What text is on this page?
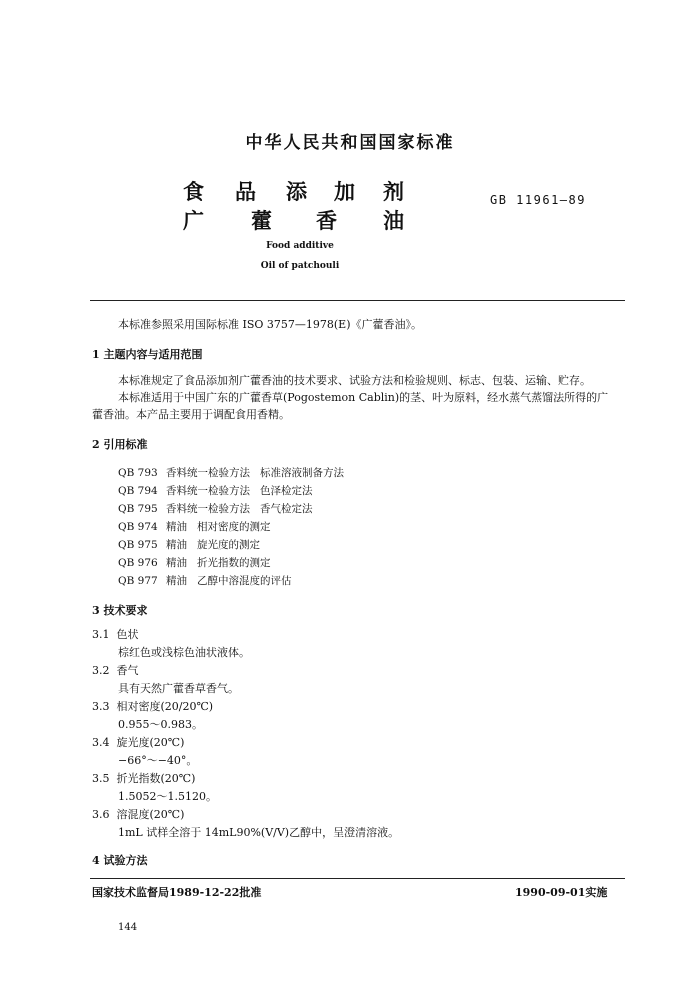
中华人民共和国国家标准
食 品 添 加 剂
广 藿 香 油
GB 11961—89
Food additive
Oil of patchouli
本标准参照采用国际标准 ISO 3757—1978(E)《广藿香油》。
1 主题内容与适用范围
本标准规定了食品添加剂广藿香油的技术要求、试验方法和检验规则、标志、包装、运输、贮存。
本标准适用于中国广东的广藿香草(Pogostemon Cablin)的茎、叶为原料，经水蒸气蒸馏法所得的广
藿香油。本产品主要用于调配食用香精。
2 引用标准
QB 793 香料统一检验方法 标准溶液制备方法
QB 794 香料统一检验方法 色泽检定法
QB 795 香料统一检验方法 香气检定法
QB 974 精油 相对密度的测定
QB 975 精油 旋光度的测定
QB 976 精油 折光指数的测定
QB 977 精油 乙醇中溶混度的评估
3 技术要求
3.1 色状
棕红色或浅棕色油状液体。
3.2 香气
具有天然广藿香草香气。
3.3 相对密度(20/20℃)
0.955～0.983。
3.4 旋光度(20℃)
−66°～−40°。
3.5 折光指数(20℃)
1.5052～1.5120。
3.6 溶混度(20℃)
1mL 试样全溶于 14mL90%(V/V)乙醇中，呈澄清溶液。
4 试验方法
国家技术监督局1989-12-22批准	1990-09-01实施
144
